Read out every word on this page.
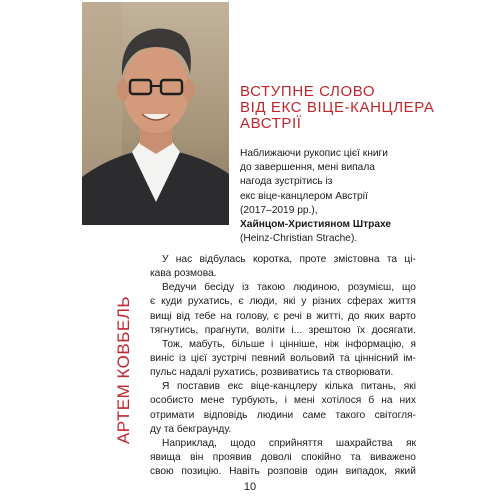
ВСТУПНЕ СЛОВО
ВІД ЕКС ВІЦЕ-КАНЦЛЕРА
АВСТРІЇ
Наближаючи рукопис цієї книги
до завершення, мені випала
нагода зустрітись із
екс віце-канцлером Австрії
(2017–2019 рр.),
Хайнцом-Християном Штрахе
(Heinz-Christian Strache).
АРТЕМ КОВБЕЛЬ
У нас відбулась коротка, проте змістовна та ці-
кава розмова.
Ведучи бесіду із такою людиною, розумієш, що
є куди рухатись, є люди, які у різних сферах життя
вищі від тебе на голову, є речі в житті, до яких варто
тягнутись, прагнути, воліти і... зрештою їх досягати.
Тож, мабуть, більше і цінніше, ніж інформацію, я
виніс із цієї зустрічі певний вольовий та ціннісний ім-
пульс надалі рухатись, розвиватись та створювати.
Я поставив екс віце-канцлеру кілька питань, які
особисто мене турбують, і мені хотілося б на них
отримати відповідь людини саме такого світогля-
ду та бекграунду.
Наприклад, щодо сприйняття шахрайства як
явища він проявив доволі спокійно та виважено
свою позицію. Навіть розповів один випадок, який
10
